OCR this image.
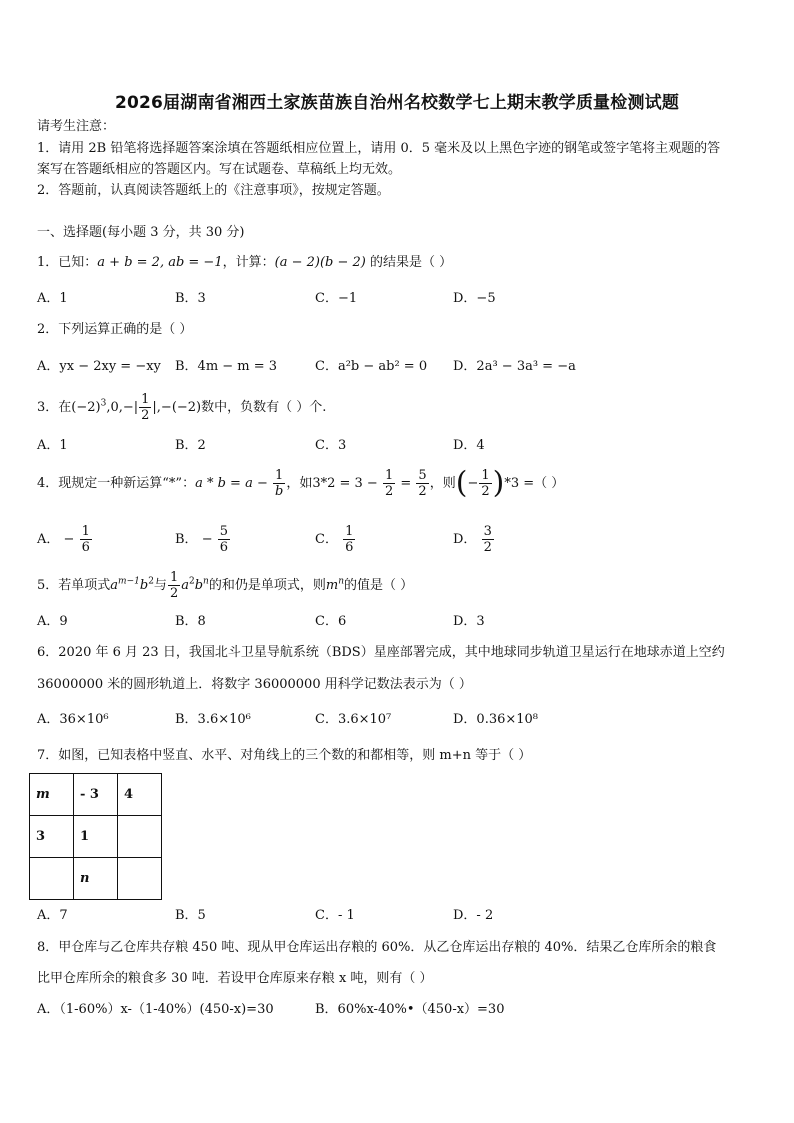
2026届湖南省湘西土家族苗族自治州名校数学七上期末教学质量检测试题
请考生注意：
1．请用 2B 铅笔将选择题答案涂填在答题纸相应位置上，请用 0．5 毫米及以上黑色字迹的钢笔或签字笔将主观题的答
案写在答题纸相应的答题区内。写在试题卷、草稿纸上均无效。
2．答题前，认真阅读答题纸上的《注意事项》，按规定答题。
一、选择题(每小题 3 分，共 30 分)
1．已知：a + b = 2, ab = −1，计算：(a − 2)(b − 2) 的结果是（ ）
A．1	B．3	C．−1	D．−5
2．下列运算正确的是（ ）
A．yx − 2xy = −xy B．4m − m = 3	C．a²b − ab² = 0 D．2a³ − 3a³ = −a
3．在$(-2)^3,0,-| \frac{1}{2} |,-(-2)$数中，负数有（ ）个.
A．1	B．2	C．3	D．4
4．现规定一种新运算“*”：$a * b = a - \frac{1}{b}$ ，如$3*2 = 3 - \frac{1}{2} = \frac{5}{2}$ ，则(− $\frac{1}{2} )*3$ =（ ）
A． − $\frac{1}{6}$	B． − $\frac{5}{6}$	C． $\frac{1}{6}$	D． $\frac{3}{2}$
5．若单项式$a^{m-1}b^2$与 $\frac{1}{2} a^2b^n$的和仍是单项式，则$m^n$的值是（ ）
A．9	B．8	C．6	D．3
6．2020 年 6 月 23 日，我国北斗卫星导航系统（BDS）星座部署完成，其中地球同步轨道卫星运行在地球赤道上空约
36000000 米的圆形轨道上．将数字 36000000 用科学记数法表示为（ ）
A．36×10⁶	B．3.6×10⁶	C．3.6×10⁷	D．0.36×10⁸
7．如图，已知表格中竖直、水平、对角线上的三个数的和都相等，则 m+n 等于（ ）
m	- 3	4
3	1	
	n	
A．7	B．5	C．- 1	D．- 2
8．甲仓库与乙仓库共存粮 450 吨、现从甲仓库运出存粮的 60%．从乙仓库运出存粮的 40%．结果乙仓库所余的粮食
比甲仓库所余的粮食多 30 吨．若设甲仓库原来存粮 x 吨，则有（ ）
A．（1-60%）x-（1-40%）(450-x)=30	B．60%x-40%•（450-x）=30
